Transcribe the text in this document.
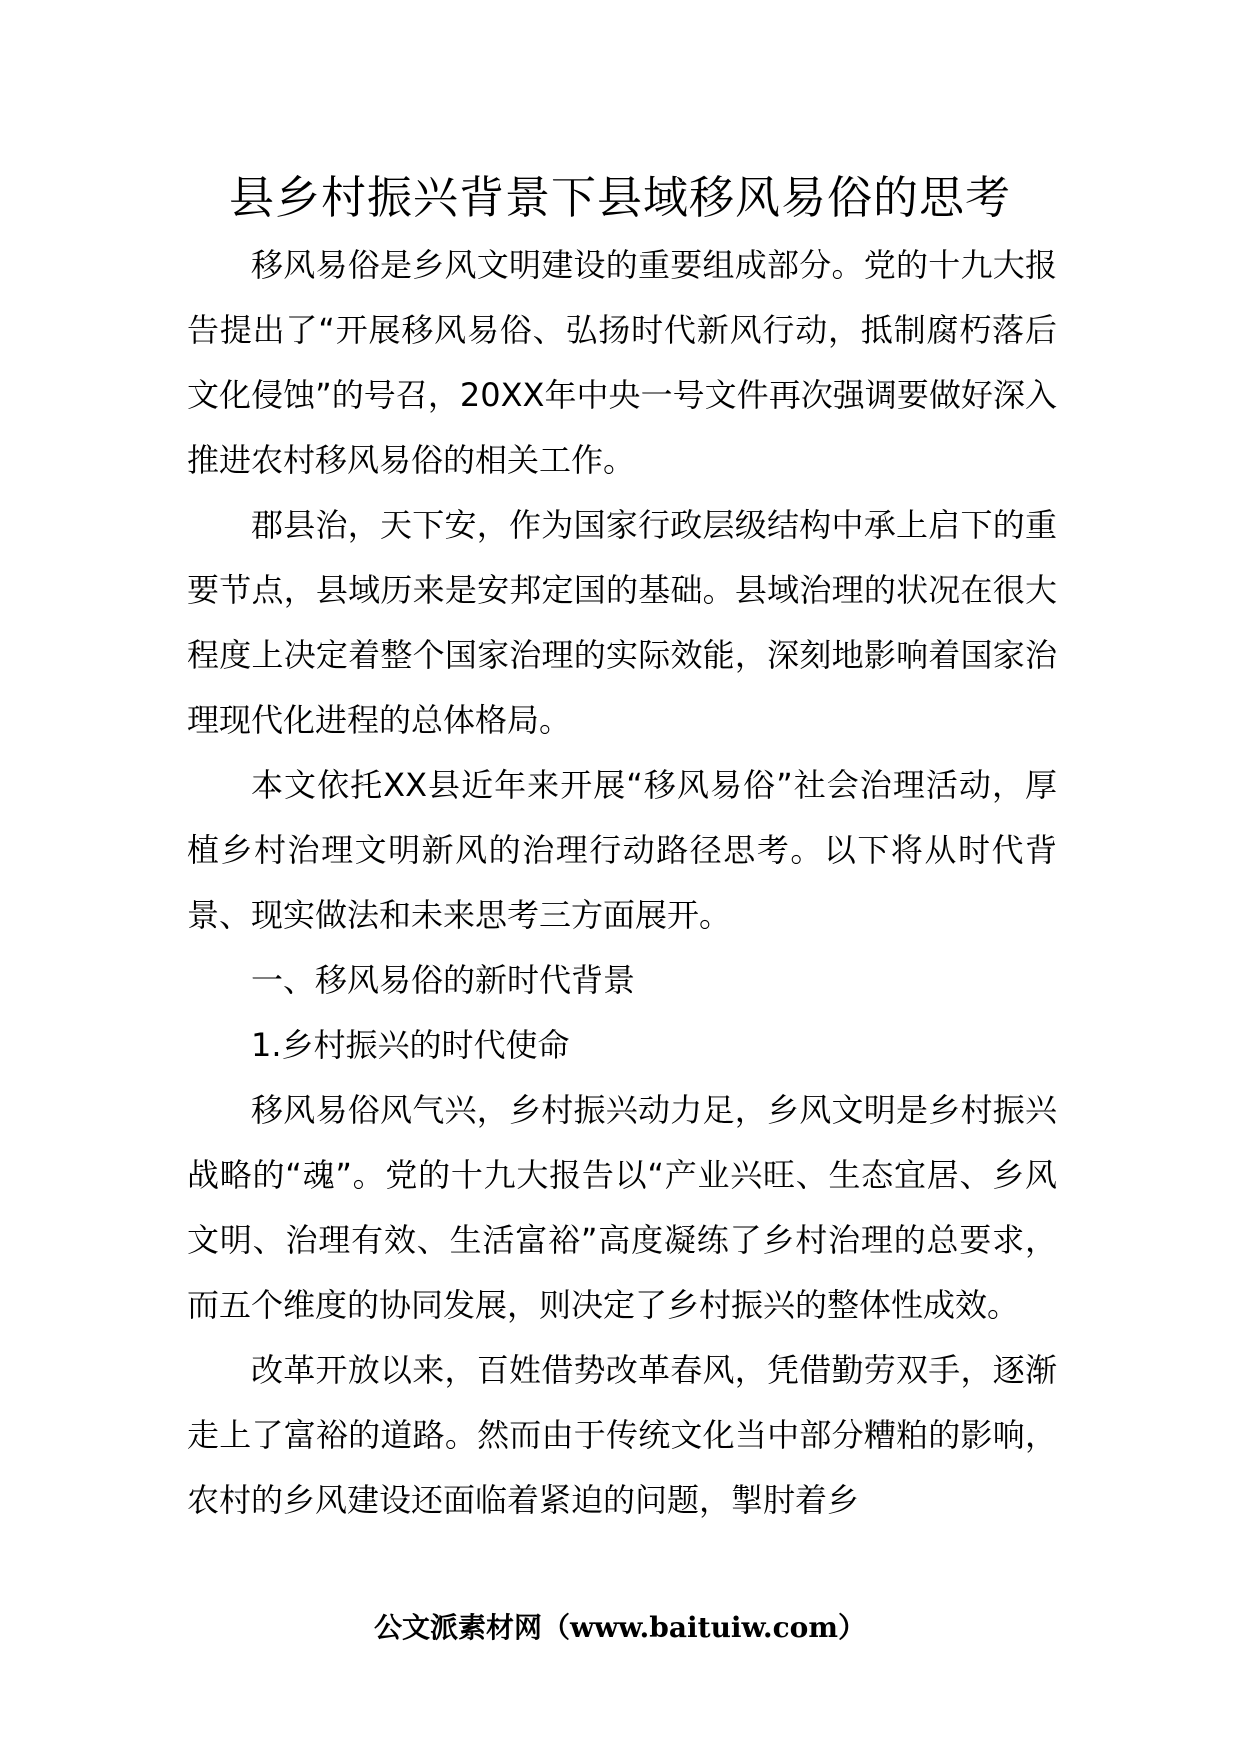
县乡村振兴背景下县域移风易俗的思考

移风易俗是乡风文明建设的重要组成部分。党的十九大报告提出了“开展移风易俗、弘扬时代新风行动，抵制腐朽落后文化侵蚀”的号召，20XX年中央一号文件再次强调要做好深入推进农村移风易俗的相关工作。

郡县治，天下安，作为国家行政层级结构中承上启下的重要节点，县域历来是安邦定国的基础。县域治理的状况在很大程度上决定着整个国家治理的实际效能，深刻地影响着国家治理现代化进程的总体格局。

本文依托XX县近年来开展“移风易俗”社会治理活动，厚植乡村治理文明新风的治理行动路径思考。以下将从时代背景、现实做法和未来思考三方面展开。

一、移风易俗的新时代背景

1.乡村振兴的时代使命

移风易俗风气兴，乡村振兴动力足，乡风文明是乡村振兴战略的“魂”。党的十九大报告以“产业兴旺、生态宜居、乡风文明、治理有效、生活富裕”高度凝练了乡村治理的总要求，而五个维度的协同发展，则决定了乡村振兴的整体性成效。

改革开放以来，百姓借势改革春风，凭借勤劳双手，逐渐走上了富裕的道路。然而由于传统文化当中部分糟粕的影响，农村的乡风建设还面临着紧迫的问题，掣肘着乡

公文派素材网（www.baituiw.com）
